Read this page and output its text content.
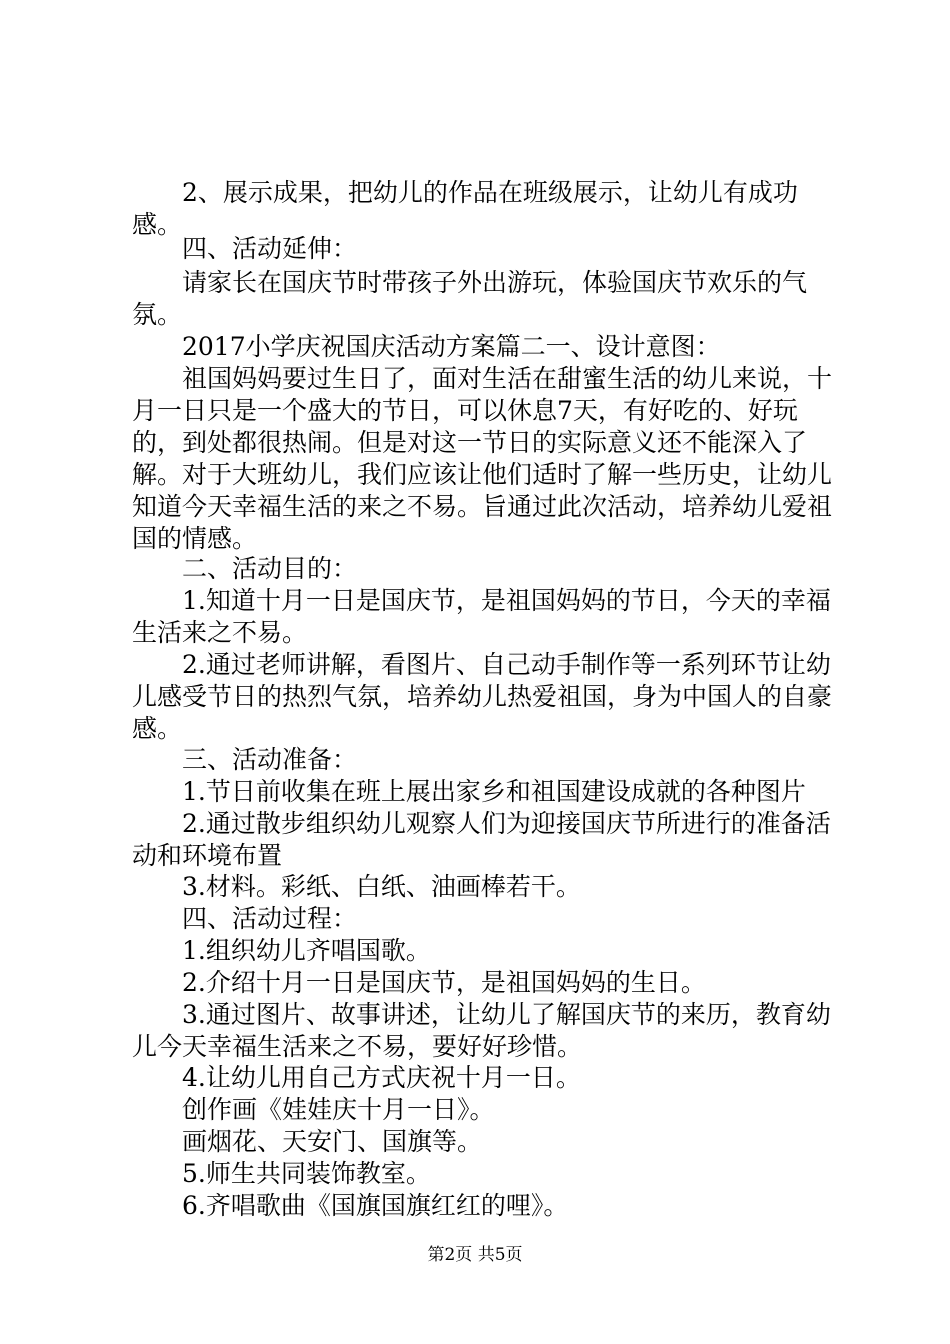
2、展示成果，把幼儿的作品在班级展示，让幼儿有成功感。

四、活动延伸：

请家长在国庆节时带孩子外出游玩，体验国庆节欢乐的气氛。

2017小学庆祝国庆活动方案篇二一、设计意图：

祖国妈妈要过生日了，面对生活在甜蜜生活的幼儿来说，十月一日只是一个盛大的节日，可以休息7天，有好吃的、好玩的，到处都很热闹。但是对这一节日的实际意义还不能深入了解。对于大班幼儿，我们应该让他们适时了解一些历史，让幼儿知道今天幸福生活的来之不易。旨通过此次活动，培养幼儿爱祖国的情感。

二、活动目的：

1.知道十月一日是国庆节，是祖国妈妈的节日，今天的幸福生活来之不易。

2.通过老师讲解，看图片、自己动手制作等一系列环节让幼儿感受节日的热烈气氛，培养幼儿热爱祖国，身为中国人的自豪感。

三、活动准备：

1.节日前收集在班上展出家乡和祖国建设成就的各种图片

2.通过散步组织幼儿观察人们为迎接国庆节所进行的准备活动和环境布置

3.材料。彩纸、白纸、油画棒若干。

四、活动过程：

1.组织幼儿齐唱国歌。

2.介绍十月一日是国庆节，是祖国妈妈的生日。

3.通过图片、故事讲述，让幼儿了解国庆节的来历，教育幼儿今天幸福生活来之不易，要好好珍惜。

4.让幼儿用自己方式庆祝十月一日。

创作画《娃娃庆十月一日》。

画烟花、天安门、国旗等。

5.师生共同装饰教室。

6.齐唱歌曲《国旗国旗红红的哩》。

第2页 共5页
